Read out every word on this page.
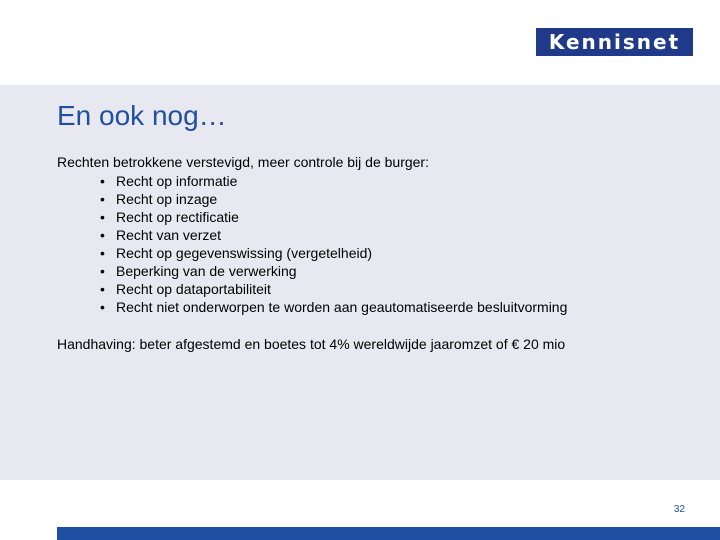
Kennisnet
En ook nog…
Rechten betrokkene verstevigd, meer controle bij de burger:
• Recht op informatie
• Recht op inzage
• Recht op rectificatie
• Recht van verzet
• Recht op gegevenswissing (vergetelheid)
• Beperking van de verwerking
• Recht op dataportabiliteit
• Recht niet onderworpen te worden aan geautomatiseerde besluitvorming
Handhaving: beter afgestemd en boetes tot 4% wereldwijde jaaromzet of € 20 mio
32
